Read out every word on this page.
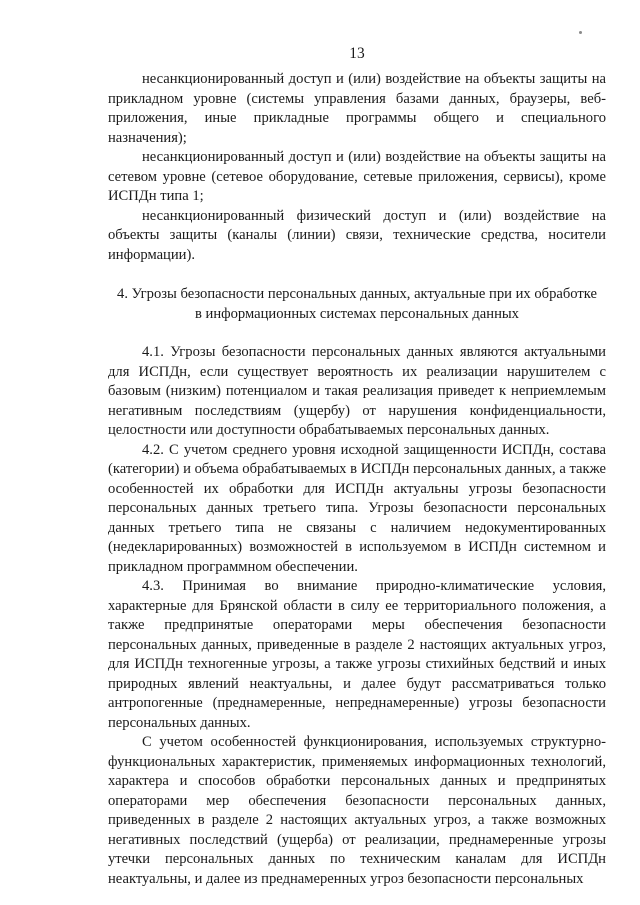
13

несанкционированный доступ и (или) воздействие на объекты защиты на прикладном уровне (системы управления базами данных, браузеры, веб-приложения, иные прикладные программы общего и специального назначения);

несанкционированный доступ и (или) воздействие на объекты защиты на сетевом уровне (сетевое оборудование, сетевые приложения, сервисы), кроме ИСПДн типа 1;

несанкционированный физический доступ и (или) воздействие на объекты защиты (каналы (линии) связи, технические средства, носители информации).

4. Угрозы безопасности персональных данных, актуальные при их обработке
в информационных системах персональных данных

4.1. Угрозы безопасности персональных данных являются актуальными для ИСПДн, если существует вероятность их реализации нарушителем с базовым (низким) потенциалом и такая реализация приведет к неприемлемым негативным последствиям (ущербу) от нарушения конфиденциальности, целостности или доступности обрабатываемых персональных данных.

4.2. С учетом среднего уровня исходной защищенности ИСПДн, состава (категории) и объема обрабатываемых в ИСПДн персональных данных, а также особенностей их обработки для ИСПДн актуальны угрозы безопасности персональных данных третьего типа. Угрозы безопасности персональных данных третьего типа не связаны с наличием недокументированных (недекларированных) возможностей в используемом в ИСПДн системном и прикладном программном обеспечении.

4.3. Принимая во внимание природно-климатические условия, характерные для Брянской области в силу ее территориального положения, а также предпринятые операторами меры обеспечения безопасности персональных данных, приведенные в разделе 2 настоящих актуальных угроз, для ИСПДн техногенные угрозы, а также угрозы стихийных бедствий и иных природных явлений неактуальны, и далее будут рассматриваться только антропогенные (преднамеренные, непреднамеренные) угрозы безопасности персональных данных.

С учетом особенностей функционирования, используемых структурно-функциональных характеристик, применяемых информационных технологий, характера и способов обработки персональных данных и предпринятых операторами мер обеспечения безопасности персональных данных, приведенных в разделе 2 настоящих актуальных угроз, а также возможных негативных последствий (ущерба) от реализации, преднамеренные угрозы утечки персональных данных по техническим каналам для ИСПДн неактуальны, и далее из преднамеренных угроз безопасности персональных
